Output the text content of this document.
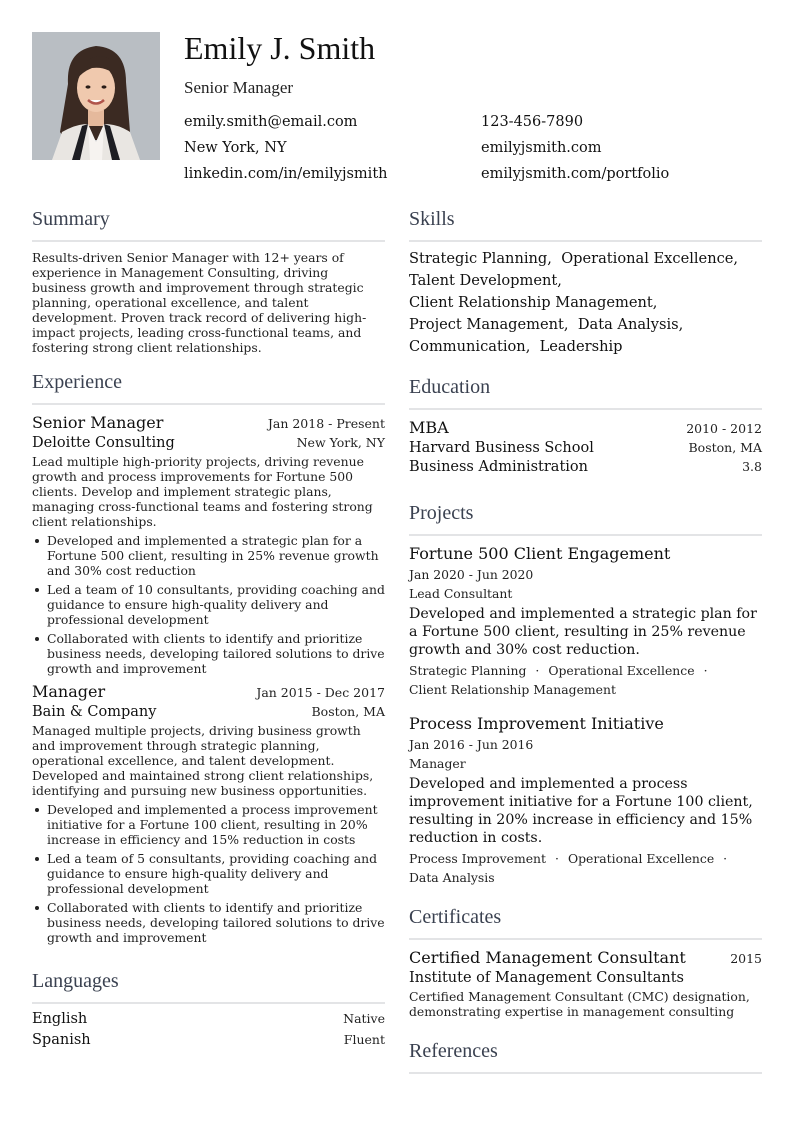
Emily J. Smith
Senior Manager
emily.smith@email.com	123-456-7890
New York, NY	emilyjsmith.com
linkedin.com/in/emilyjsmith	emilyjsmith.com/portfolio
Summary
Results-driven Senior Manager with 12+ years of experience in Management Consulting, driving business growth and improvement through strategic planning, operational excellence, and talent development. Proven track record of delivering high-impact projects, leading cross-functional teams, and fostering strong client relationships.
Experience
Senior Manager	Jan 2018 - Present
Deloitte Consulting	New York, NY
Lead multiple high-priority projects, driving revenue growth and process improvements for Fortune 500 clients. Develop and implement strategic plans, managing cross-functional teams and fostering strong client relationships.
Developed and implemented a strategic plan for a Fortune 500 client, resulting in 25% revenue growth and 30% cost reduction
Led a team of 10 consultants, providing coaching and guidance to ensure high-quality delivery and professional development
Collaborated with clients to identify and prioritize business needs, developing tailored solutions to drive growth and improvement
Manager	Jan 2015 - Dec 2017
Bain & Company	Boston, MA
Managed multiple projects, driving business growth and improvement through strategic planning, operational excellence, and talent development. Developed and maintained strong client relationships, identifying and pursuing new business opportunities.
Developed and implemented a process improvement initiative for a Fortune 100 client, resulting in 20% increase in efficiency and 15% reduction in costs
Led a team of 5 consultants, providing coaching and guidance to ensure high-quality delivery and professional development
Collaborated with clients to identify and prioritize business needs, developing tailored solutions to drive growth and improvement
Languages
English	Native
Spanish	Fluent
Skills
Strategic Planning,  Operational Excellence,
Talent Development,
Client Relationship Management,
Project Management,  Data Analysis,
Communication,  Leadership
Education
MBA	2010 - 2012
Harvard Business School	Boston, MA
Business Administration	3.8
Projects
Fortune 500 Client Engagement
Jan 2020 - Jun 2020
Lead Consultant
Developed and implemented a strategic plan for a Fortune 500 client, resulting in 25% revenue growth and 30% cost reduction.
Strategic Planning · Operational Excellence ·
Client Relationship Management
Process Improvement Initiative
Jan 2016 - Jun 2016
Manager
Developed and implemented a process improvement initiative for a Fortune 100 client, resulting in 20% increase in efficiency and 15% reduction in costs.
Process Improvement · Operational Excellence ·
Data Analysis
Certificates
Certified Management Consultant	2015
Institute of Management Consultants
Certified Management Consultant (CMC) designation, demonstrating expertise in management consulting
References
